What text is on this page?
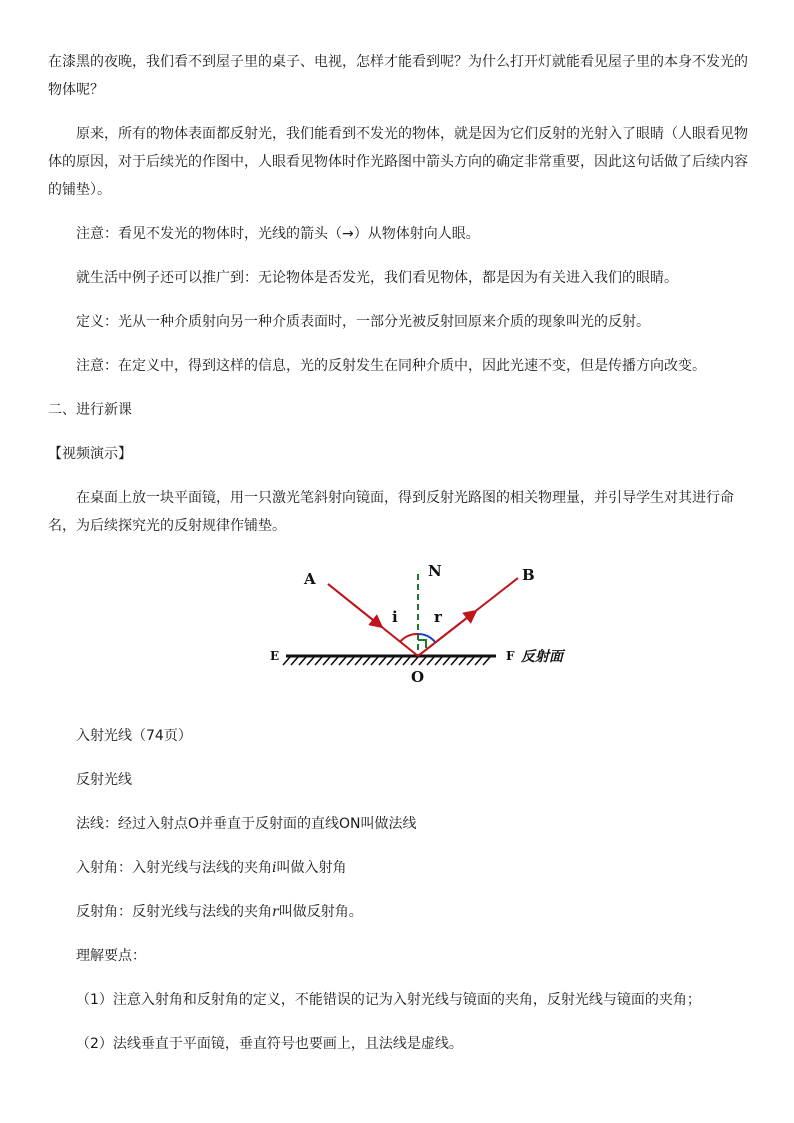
在漆黑的夜晚，我们看不到屋子里的桌子、电视，怎样才能看到呢？为什么打开灯就能看见屋子里的本身不发光的物体呢？

原来，所有的物体表面都反射光，我们能看到不发光的物体，就是因为它们反射的光射入了眼睛（人眼看见物体的原因，对于后续光的作图中，人眼看见物体时作光路图中箭头方向的确定非常重要，因此这句话做了后续内容的铺垫）。

注意：看见不发光的物体时，光线的箭头（→）从物体射向人眼。

就生活中例子还可以推广到：无论物体是否发光，我们看见物体，都是因为有关进入我们的眼睛。

定义：光从一种介质射向另一种介质表面时，一部分光被反射回原来介质的现象叫光的反射。

注意：在定义中，得到这样的信息，光的反射发生在同种介质中，因此光速不变，但是传播方向改变。

二、进行新课

【视频演示】

在桌面上放一块平面镜，用一只激光笔斜射向镜面，得到反射光路图的相关物理量，并引导学生对其进行命名，为后续探究光的反射规律作铺垫。

A	B
N
i r
E	F
O
反射面

入射光线（74页）

反射光线

法线：经过入射点O并垂直于反射面的直线ON叫做法线

入射角：入射光线与法线的夹角i叫做入射角

反射角：反射光线与法线的夹角r叫做反射角。

理解要点：

（1）注意入射角和反射角的定义，不能错误的记为入射光线与镜面的夹角，反射光线与镜面的夹角；

（2）法线垂直于平面镜，垂直符号也要画上，且法线是虚线。
